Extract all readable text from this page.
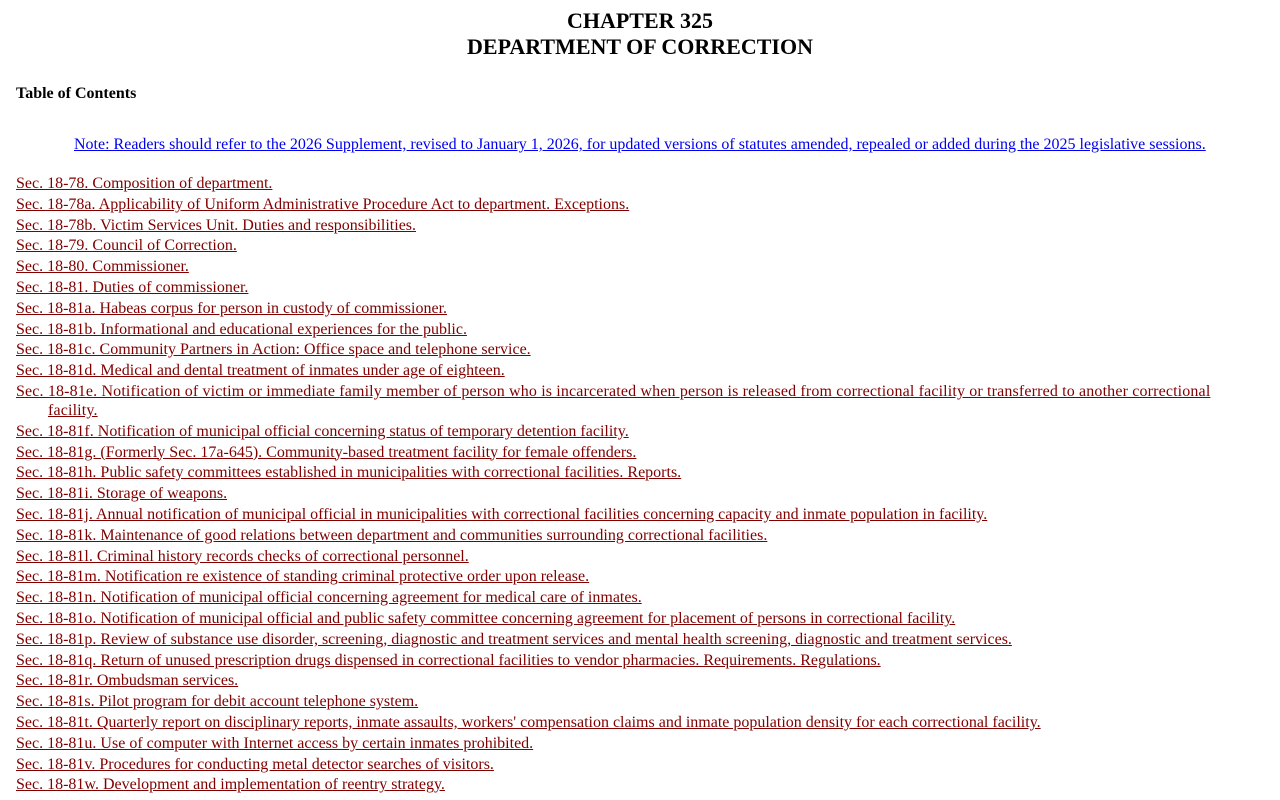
CHAPTER 325
DEPARTMENT OF CORRECTION
Table of Contents
Note: Readers should refer to the 2026 Supplement, revised to January 1, 2026, for updated versions of statutes amended, repealed or added during the 2025 legislative sessions.
Sec. 18-78. Composition of department.
Sec. 18-78a. Applicability of Uniform Administrative Procedure Act to department. Exceptions.
Sec. 18-78b. Victim Services Unit. Duties and responsibilities.
Sec. 18-79. Council of Correction.
Sec. 18-80. Commissioner.
Sec. 18-81. Duties of commissioner.
Sec. 18-81a. Habeas corpus for person in custody of commissioner.
Sec. 18-81b. Informational and educational experiences for the public.
Sec. 18-81c. Community Partners in Action: Office space and telephone service.
Sec. 18-81d. Medical and dental treatment of inmates under age of eighteen.
Sec. 18-81e. Notification of victim or immediate family member of person who is incarcerated when person is released from correctional facility or transferred to another correctional facility.
Sec. 18-81f. Notification of municipal official concerning status of temporary detention facility.
Sec. 18-81g. (Formerly Sec. 17a-645). Community-based treatment facility for female offenders.
Sec. 18-81h. Public safety committees established in municipalities with correctional facilities. Reports.
Sec. 18-81i. Storage of weapons.
Sec. 18-81j. Annual notification of municipal official in municipalities with correctional facilities concerning capacity and inmate population in facility.
Sec. 18-81k. Maintenance of good relations between department and communities surrounding correctional facilities.
Sec. 18-81l. Criminal history records checks of correctional personnel.
Sec. 18-81m. Notification re existence of standing criminal protective order upon release.
Sec. 18-81n. Notification of municipal official concerning agreement for medical care of inmates.
Sec. 18-81o. Notification of municipal official and public safety committee concerning agreement for placement of persons in correctional facility.
Sec. 18-81p. Review of substance use disorder, screening, diagnostic and treatment services and mental health screening, diagnostic and treatment services.
Sec. 18-81q. Return of unused prescription drugs dispensed in correctional facilities to vendor pharmacies. Requirements. Regulations.
Sec. 18-81r. Ombudsman services.
Sec. 18-81s. Pilot program for debit account telephone system.
Sec. 18-81t. Quarterly report on disciplinary reports, inmate assaults, workers' compensation claims and inmate population density for each correctional facility.
Sec. 18-81u. Use of computer with Internet access by certain inmates prohibited.
Sec. 18-81v. Procedures for conducting metal detector searches of visitors.
Sec. 18-81w. Development and implementation of reentry strategy.
